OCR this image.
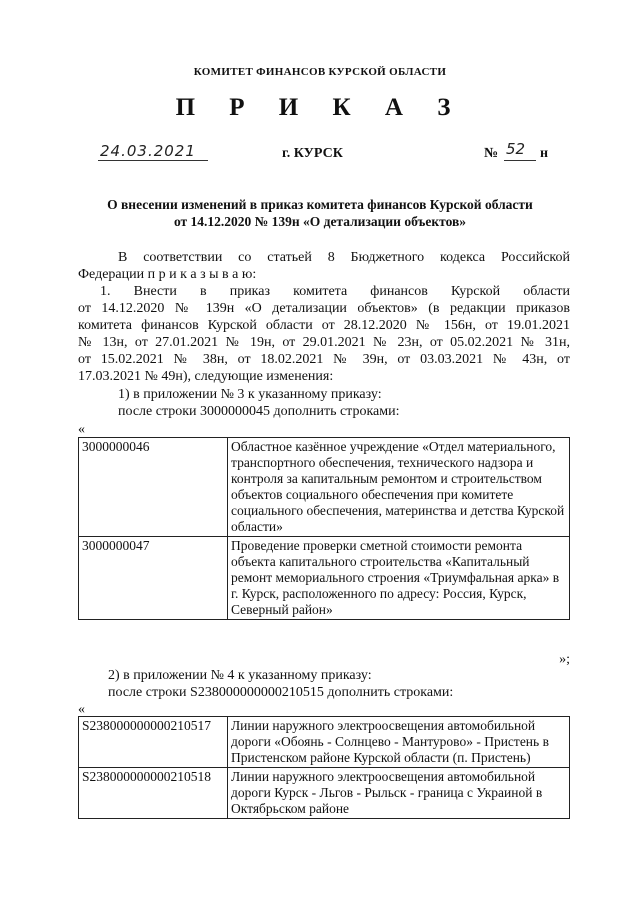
КОМИТЕТ ФИНАНСОВ КУРСКОЙ ОБЛАСТИ
П Р И К А З
24.03.2021	г. КУРСК	№ 52 н
О внесении изменений в приказ комитета финансов Курской области
от 14.12.2020 № 139н «О детализации объектов»
В соответствии со статьей 8 Бюджетного кодекса Российской
Федерации п р и к а з ы в а ю:
1. Внести в приказ комитета финансов Курской области
от 14.12.2020 № 139н «О детализации объектов» (в редакции приказов
комитета финансов Курской области от 28.12.2020 № 156н, от 19.01.2021
№ 13н, от 27.01.2021 № 19н, от 29.01.2021 № 23н, от 05.02.2021 № 31н,
от 15.02.2021 № 38н, от 18.02.2021 № 39н, от 03.03.2021 № 43н, от
17.03.2021 № 49н), следующие изменения:
1) в приложении № 3 к указанному приказу:
после строки 3000000045 дополнить строками:
«
3000000046	Областное казённое учреждение «Отдел материального, транспортного обеспечения, технического надзора и контроля за капитальным ремонтом и строительством объектов социального обеспечения при комитете социального обеспечения, материнства и детства Курской области»
3000000047	Проведение проверки сметной стоимости ремонта объекта капитального строительства «Капитальный ремонт мемориального строения «Триумфальная арка» в г. Курск, расположенного по адресу: Россия, Курск, Северный район»
»;
2) в приложении № 4 к указанному приказу:
после строки S238000000000210515 дополнить строками:
«
S238000000000210517	Линии наружного электроосвещения автомобильной дороги «Обоянь - Солнцево - Мантурово» - Пристень в Пристенском районе Курской области (п. Пристень)
S238000000000210518	Линии наружного электроосвещения автомобильной дороги Курск - Льгов - Рыльск - граница с Украиной в Октябрьском районе
